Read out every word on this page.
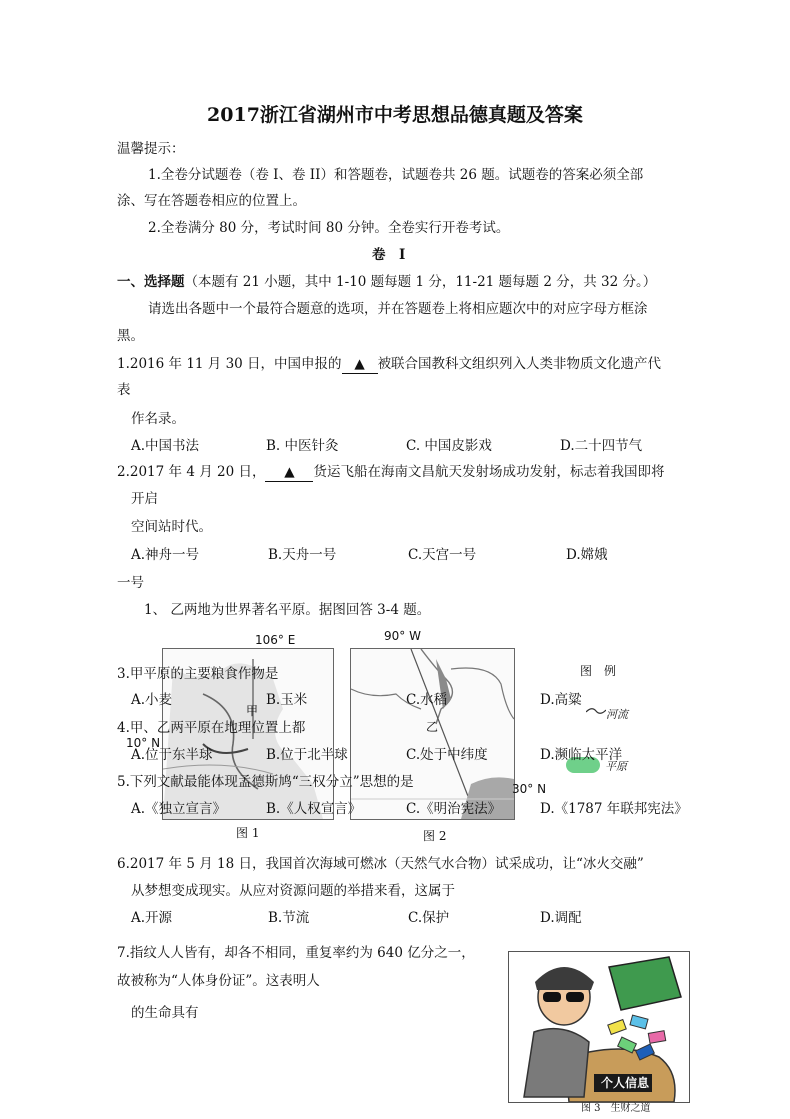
2017浙江省湖州市中考思想品德真题及答案
温馨提示：
1.全卷分试题卷（卷 I、卷 II）和答题卷，试题卷共 26 题。试题卷的答案必须全部
涂、写在答题卷相应的位置上。
2.全卷满分 80 分，考试时间 80 分钟。全卷实行开卷考试。
卷　I
一、选择题（本题有 21 小题，其中 1-10 题每题 1 分，11-21 题每题 2 分，共 32 分。）
请选出各题中一个最符合题意的选项，并在答题卷上将相应题次中的对应字母方框涂
黑。
1.2016 年 11 月 30 日，中国申报的 ▲ 被联合国教科文组织列入人类非物质文化遗产代
表
作名录。
A.中国书法	B. 中医针灸	C. 中国皮影戏	D.二十四节气
2.2017 年 4 月 20 日， ▲ 货运飞船在海南文昌航天发射场成功发射，标志着我国即将
开启
空间站时代。
A.神舟一号	B.天舟一号	C.天宫一号	D.嫦娥
一号
1、 乙两地为世界著名平原。据图回答 3-4 题。
106° E
10° N
甲
图 1
90° W
30° N
乙
图 2
图　例
河流
平原
3.甲平原的主要粮食作物是
A.小麦	B.玉米	C.水稻	D.高粱
4.甲、乙两平原在地理位置上都
A.位于东半球	B.位于北半球	C.处于中纬度	D.濒临太平洋
5.下列文献最能体现孟德斯鸠“三权分立”思想的是
A.《独立宣言》	B.《人权宣言》	C.《明治宪法》	D.《1787 年联邦宪法》
6.2017 年 5 月 18 日，我国首次海域可燃冰（天然气水合物）试采成功，让“冰火交融”
从梦想变成现实。从应对资源问题的举措来看，这属于
A.开源	B.节流	C.保护	D.调配
7.指纹人人皆有，却各不相同，重复率约为 640 亿分之一，
故被称为“人体身份证”。这表明人
的生命具有
个人信息
图 3　生财之道
